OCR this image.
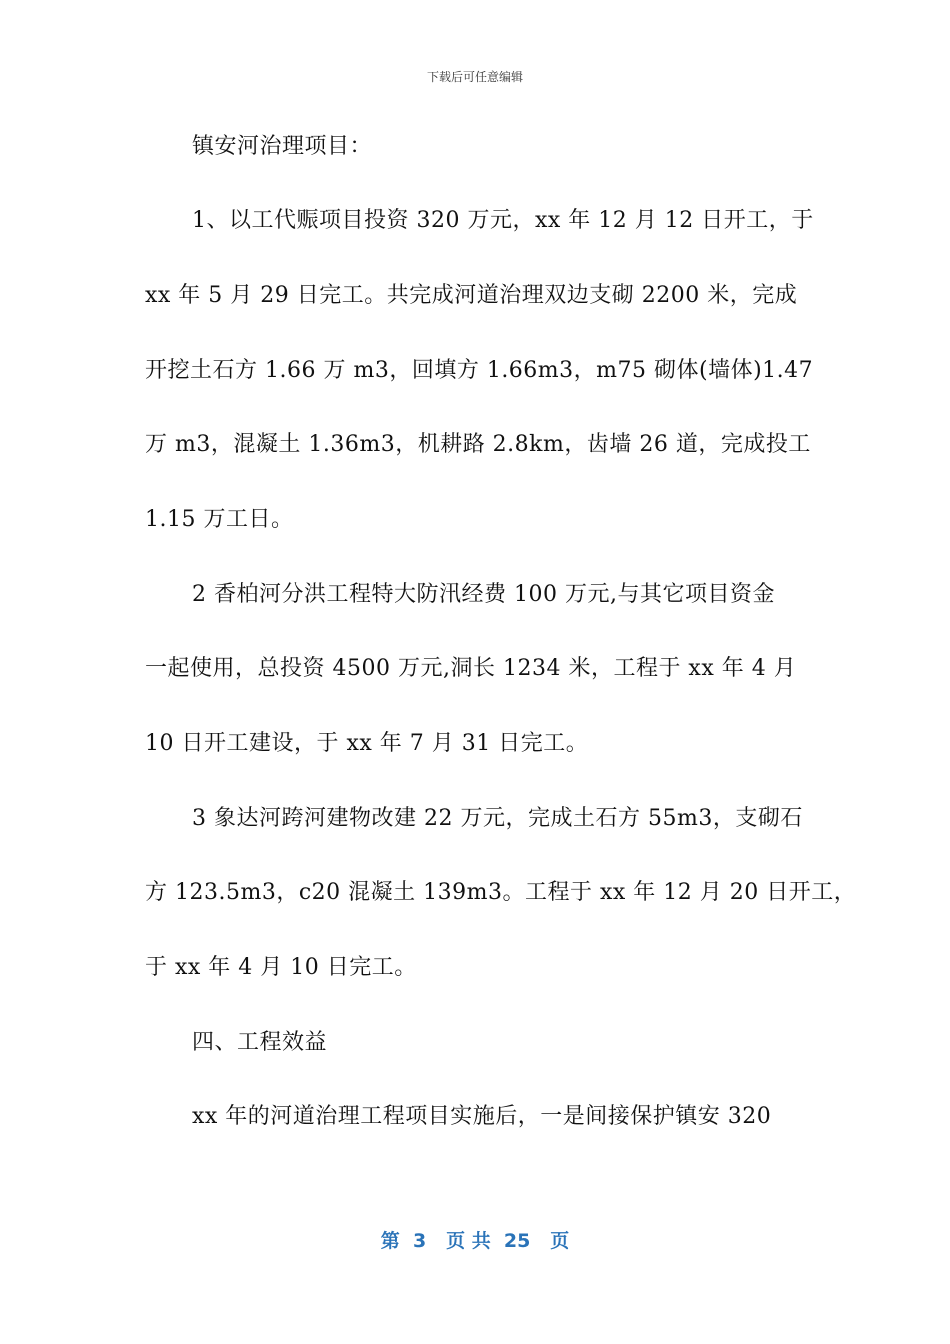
下载后可任意编辑
镇安河治理项目：
1、以工代赈项目投资 320 万元，xx 年 12 月 12 日开工，于
xx 年 5 月 29 日完工。共完成河道治理双边支砌 2200 米，完成
开挖土石方 1.66 万 m3，回填方 1.66m3，m75 砌体(墙体)1.47
万 m3，混凝土 1.36m3，机耕路 2.8km，齿墙 26 道，完成投工
1.15 万工日。
2 香柏河分洪工程特大防汛经费 100 万元,与其它项目资金
一起使用，总投资 4500 万元,洞长 1234 米，工程于 xx 年 4 月
10 日开工建设，于 xx 年 7 月 31 日完工。
3 象达河跨河建物改建 22 万元，完成土石方 55m3，支砌石
方 123.5m3，c20 混凝土 139m3。工程于 xx 年 12 月 20 日开工，
于 xx 年 4 月 10 日完工。
四、工程效益
xx 年的河道治理工程项目实施后，一是间接保护镇安 320
第  3   页 共  25   页
